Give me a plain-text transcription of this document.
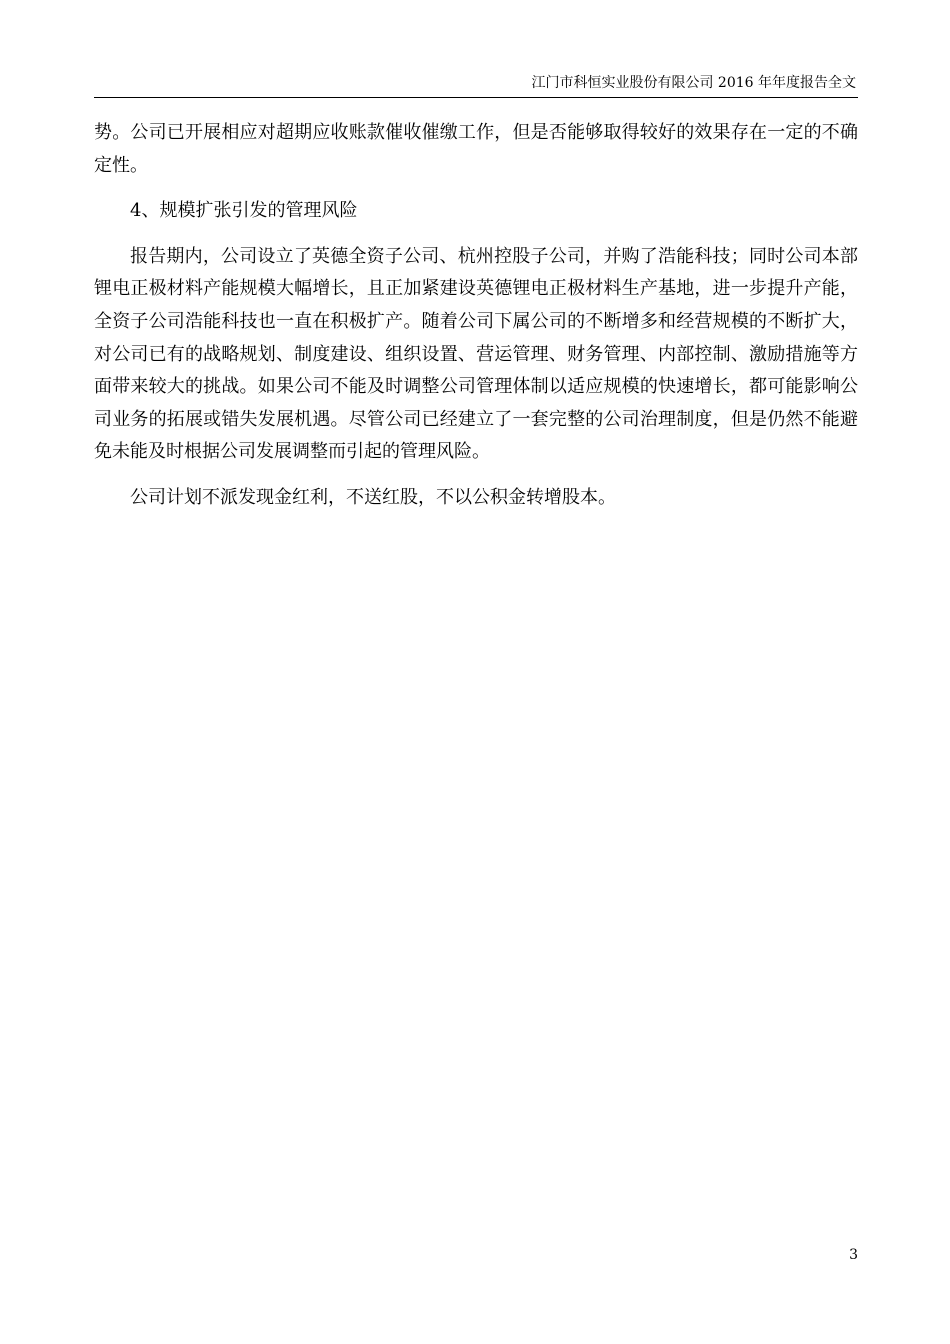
江门市科恒实业股份有限公司 2016 年年度报告全文

势。公司已开展相应对超期应收账款催收催缴工作，但是否能够取得较好的效果存在一定的不确定性。

4、规模扩张引发的管理风险

报告期内，公司设立了英德全资子公司、杭州控股子公司，并购了浩能科技；同时公司本部锂电正极材料产能规模大幅增长，且正加紧建设英德锂电正极材料生产基地，进一步提升产能，全资子公司浩能科技也一直在积极扩产。随着公司下属公司的不断增多和经营规模的不断扩大，对公司已有的战略规划、制度建设、组织设置、营运管理、财务管理、内部控制、激励措施等方面带来较大的挑战。如果公司不能及时调整公司管理体制以适应规模的快速增长，都可能影响公司业务的拓展或错失发展机遇。尽管公司已经建立了一套完整的公司治理制度，但是仍然不能避免未能及时根据公司发展调整而引起的管理风险。

公司计划不派发现金红利，不送红股，不以公积金转增股本。

3
